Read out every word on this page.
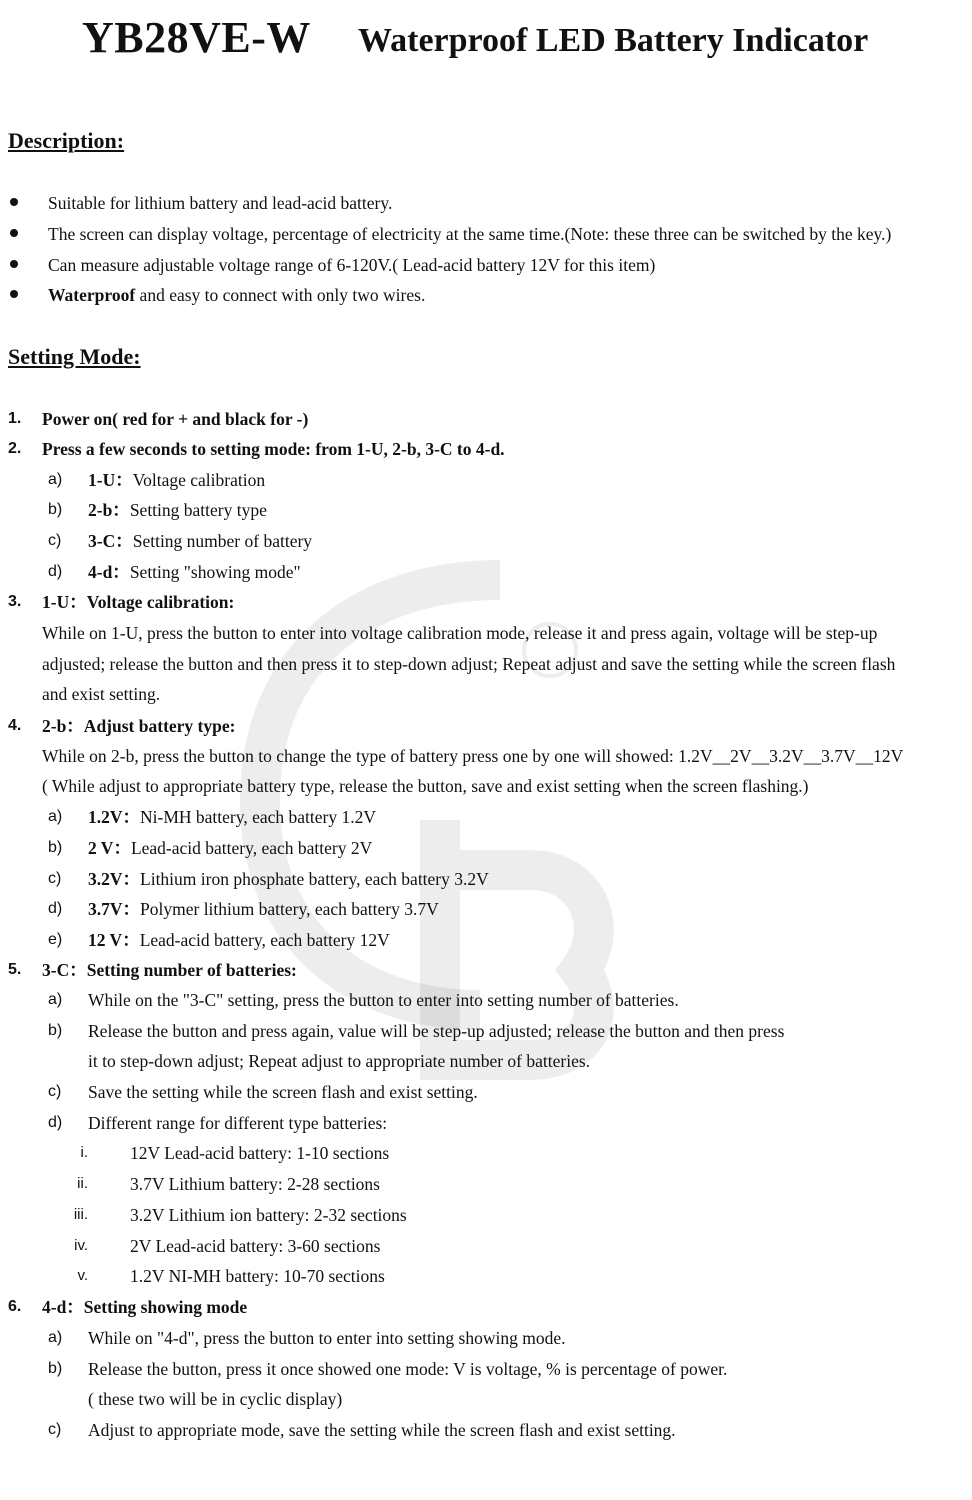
YB28VE-W Waterproof LED Battery Indicator
Description:
Suitable for lithium battery and lead-acid battery.
The screen can display voltage, percentage of electricity at the same time.(Note: these three can be switched by the key.)
Can measure adjustable voltage range of 6-120V.( Lead-acid battery 12V for this item)
Waterproof and easy to connect with only two wires.
Setting Mode:
1. Power on( red for + and black for -)
2. Press a few seconds to setting mode: from 1-U, 2-b, 3-C to 4-d.
a) 1-U：Voltage calibration
b) 2-b：Setting battery type
c) 3-C：Setting number of battery
d) 4-d：Setting "showing mode"
3. 1-U：Voltage calibration:
While on 1-U, press the button to enter into voltage calibration mode, release it and press again, voltage will be step-up
adjusted; release the button and then press it to step-down adjust; Repeat adjust and save the setting while the screen flash
and exist setting.
4. 2-b：Adjust battery type:
While on 2-b, press the button to change the type of battery press one by one will showed: 1.2V__2V__3.2V__3.7V__12V
( While adjust to appropriate battery type, release the button, save and exist setting when the screen flashing.)
a) 1.2V：Ni-MH battery, each battery 1.2V
b) 2 V：Lead-acid battery, each battery 2V
c) 3.2V：Lithium iron phosphate battery, each battery 3.2V
d) 3.7V：Polymer lithium battery, each battery 3.7V
e) 12 V：Lead-acid battery, each battery 12V
5. 3-C：Setting number of batteries:
a) While on the "3-C" setting, press the button to enter into setting number of batteries.
b) Release the button and press again, value will be step-up adjusted; release the button and then press
it to step-down adjust; Repeat adjust to appropriate number of batteries.
c) Save the setting while the screen flash and exist setting.
d) Different range for different type batteries:
i. 12V Lead-acid battery: 1-10 sections
ii. 3.7V Lithium battery: 2-28 sections
iii. 3.2V Lithium ion battery: 2-32 sections
iv. 2V Lead-acid battery: 3-60 sections
v. 1.2V NI-MH battery: 10-70 sections
6. 4-d：Setting showing mode
a) While on "4-d", press the button to enter into setting showing mode.
b) Release the button, press it once showed one mode: V is voltage, % is percentage of power.
( these two will be in cyclic display)
c) Adjust to appropriate mode, save the setting while the screen flash and exist setting.
